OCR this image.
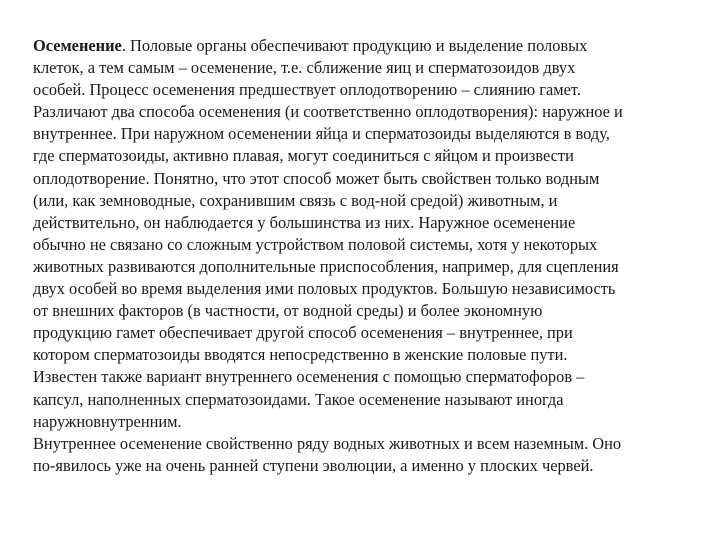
Осеменение. Половые органы обеспечивают продукцию и выделение половых
клеток, а тем самым – осеменение, т.е. сближение яиц и сперматозоидов двух
особей. Процесс осеменения предшествует оплодотворению – слиянию гамет.
Различают два способа осеменения (и соответственно оплодотворения): наружное и
внутреннее. При наружном осеменении яйца и сперматозоиды выделяются в воду,
где сперматозоиды, активно плавая, могут соединиться с яйцом и произвести
оплодотворение. Понятно, что этот способ может быть свойствен только водным
(или, как земноводные, сохранившим связь с вод-ной средой) животным, и
действительно, он наблюдается у большинства из них. Наружное осеменение
обычно не связано со сложным устройством половой системы, хотя у некоторых
животных развиваются дополнительные приспособления, например, для сцепления
двух особей во время выделения ими половых продуктов. Большую независимость
от внешних факторов (в частности, от водной среды) и более экономную
продукцию гамет обеспечивает другой способ осеменения – внутреннее, при
котором сперматозоиды вводятся непосредственно в женские половые пути.
Известен также вариант внутреннего осеменения с помощью сперматофоров –
капсул, наполненных сперматозоидами. Такое осеменение называют иногда
наружновнутренним.
Внутреннее осеменение свойственно ряду водных животных и всем наземным. Оно
по-явилось уже на очень ранней ступени эволюции, а именно у плоских червей.
